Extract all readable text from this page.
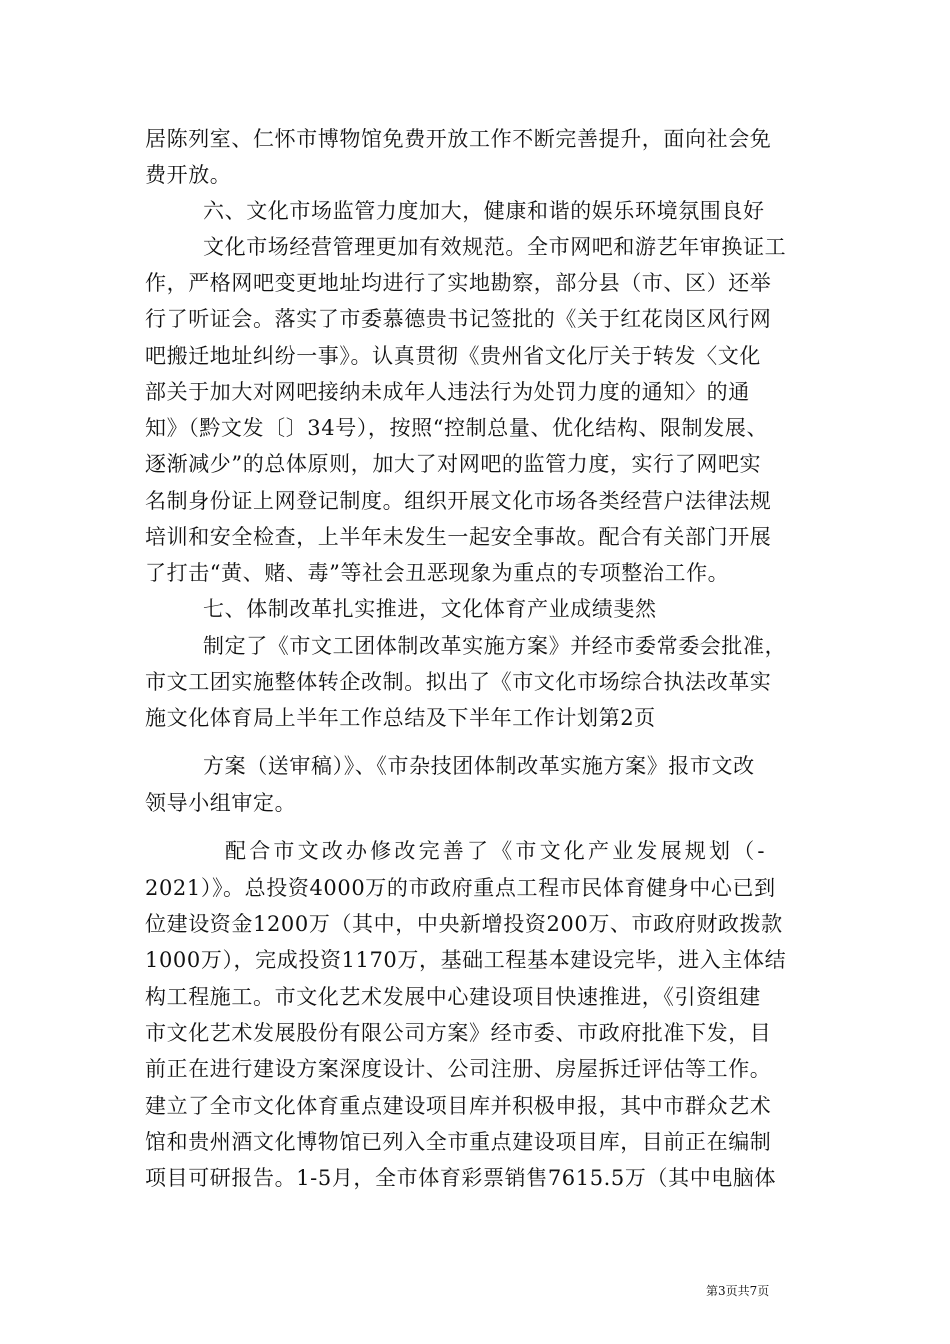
居陈列室、仁怀市博物馆免费开放工作不断完善提升，面向社会免
费开放。
六、文化市场监管力度加大，健康和谐的娱乐环境氛围良好
文化市场经营管理更加有效规范。全市网吧和游艺年审换证工
作，严格网吧变更地址均进行了实地勘察，部分县（市、区）还举
行了听证会。落实了市委慕德贵书记签批的《关于红花岗区风行网
吧搬迁地址纠纷一事》。认真贯彻《贵州省文化厅关于转发〈文化
部关于加大对网吧接纳未成年人违法行为处罚力度的通知〉的通
知》（黔文发〔〕34号），按照“控制总量、优化结构、限制发展、
逐渐减少”的总体原则，加大了对网吧的监管力度，实行了网吧实
名制身份证上网登记制度。组织开展文化市场各类经营户法律法规
培训和安全检查，上半年未发生一起安全事故。配合有关部门开展
了打击“黄、赌、毒”等社会丑恶现象为重点的专项整治工作。
七、体制改革扎实推进，文化体育产业成绩斐然
制定了《市文工团体制改革实施方案》并经市委常委会批准，
市文工团实施整体转企改制。拟出了《市文化市场综合执法改革实
施文化体育局上半年工作总结及下半年工作计划第2页
方案（送审稿）》、《市杂技团体制改革实施方案》报市文改
领导小组审定。
配合市文改办修改完善了《市文化产业发展规划（-
2021）》。总投资4000万的市政府重点工程市民体育健身中心已到
位建设资金1200万（其中，中央新增投资200万、市政府财政拨款
1000万），完成投资1170万，基础工程基本建设完毕，进入主体结
构工程施工。市文化艺术发展中心建设项目快速推进，《引资组建
市文化艺术发展股份有限公司方案》经市委、市政府批准下发，目
前正在进行建设方案深度设计、公司注册、房屋拆迁评估等工作。
建立了全市文化体育重点建设项目库并积极申报，其中市群众艺术
馆和贵州酒文化博物馆已列入全市重点建设项目库，目前正在编制
项目可研报告。1-5月，全市体育彩票销售7615.5万（其中电脑体
第3页共7页
